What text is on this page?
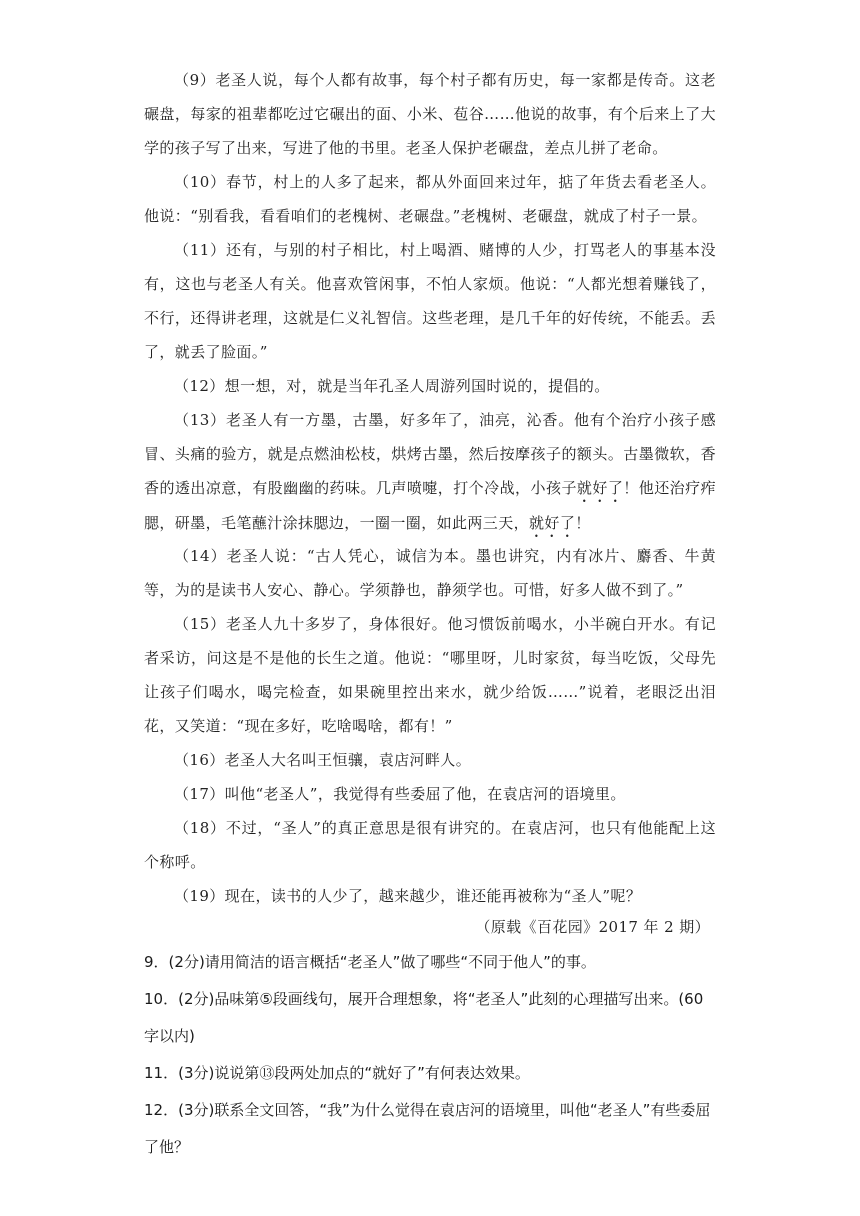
（9）老圣人说，每个人都有故事，每个村子都有历史，每一家都是传奇。这老碾盘，每家的祖辈都吃过它碾出的面、小米、苞谷……他说的故事，有个后来上了大学的孩子写了出来，写进了他的书里。老圣人保护老碾盘，差点儿拼了老命。

（10）春节，村上的人多了起来，都从外面回来过年，掂了年货去看老圣人。他说：“别看我，看看咱们的老槐树、老碾盘。”老槐树、老碾盘，就成了村子一景。

（11）还有，与别的村子相比，村上喝酒、赌博的人少，打骂老人的事基本没有，这也与老圣人有关。他喜欢管闲事，不怕人家烦。他说：“人都光想着赚钱了，不行，还得讲老理，这就是仁义礼智信。这些老理，是几千年的好传统，不能丢。丢了，就丢了脸面。”

（12）想一想，对，就是当年孔圣人周游列国时说的，提倡的。

（13）老圣人有一方墨，古墨，好多年了，油亮，沁香。他有个治疗小孩子感冒、头痛的验方，就是点燃油松枝，烘烤古墨，然后按摩孩子的额头。古墨微软，香香的透出凉意，有股幽幽的药味。几声喷嚏，打个冷战，小孩子就好了！他还治疗痄腮，研墨，毛笔蘸汁涂抹腮边，一圈一圈，如此两三天，就好了！

（14）老圣人说：“古人凭心，诚信为本。墨也讲究，内有冰片、麝香、牛黄等，为的是读书人安心、静心。学须静也，静须学也。可惜，好多人做不到了。”

（15）老圣人九十多岁了，身体很好。他习惯饭前喝水，小半碗白开水。有记者采访，问这是不是他的长生之道。他说：“哪里呀，儿时家贫，每当吃饭，父母先让孩子们喝水，喝完检查，如果碗里控出来水，就少给饭……”说着，老眼泛出泪花，又笑道：“现在多好，吃啥喝啥，都有！”

（16）老圣人大名叫王恒骧，袁店河畔人。

（17）叫他“老圣人”，我觉得有些委屈了他，在袁店河的语境里。

（18）不过，“圣人”的真正意思是很有讲究的。在袁店河，也只有他能配上这个称呼。

（19）现在，读书的人少了，越来越少，谁还能再被称为“圣人”呢？

（原载《百花园》2017 年 2 期）

9．(2分)请用简洁的语言概括“老圣人”做了哪些“不同于他人”的事。

10．(2分)品味第⑤段画线句，展开合理想象，将“老圣人”此刻的心理描写出来。(60字以内)

11．(3分)说说第⑬段两处加点的“就好了”有何表达效果。

12．(3分)联系全文回答，“我”为什么觉得在袁店河的语境里，叫他“老圣人”有些委屈了他？
